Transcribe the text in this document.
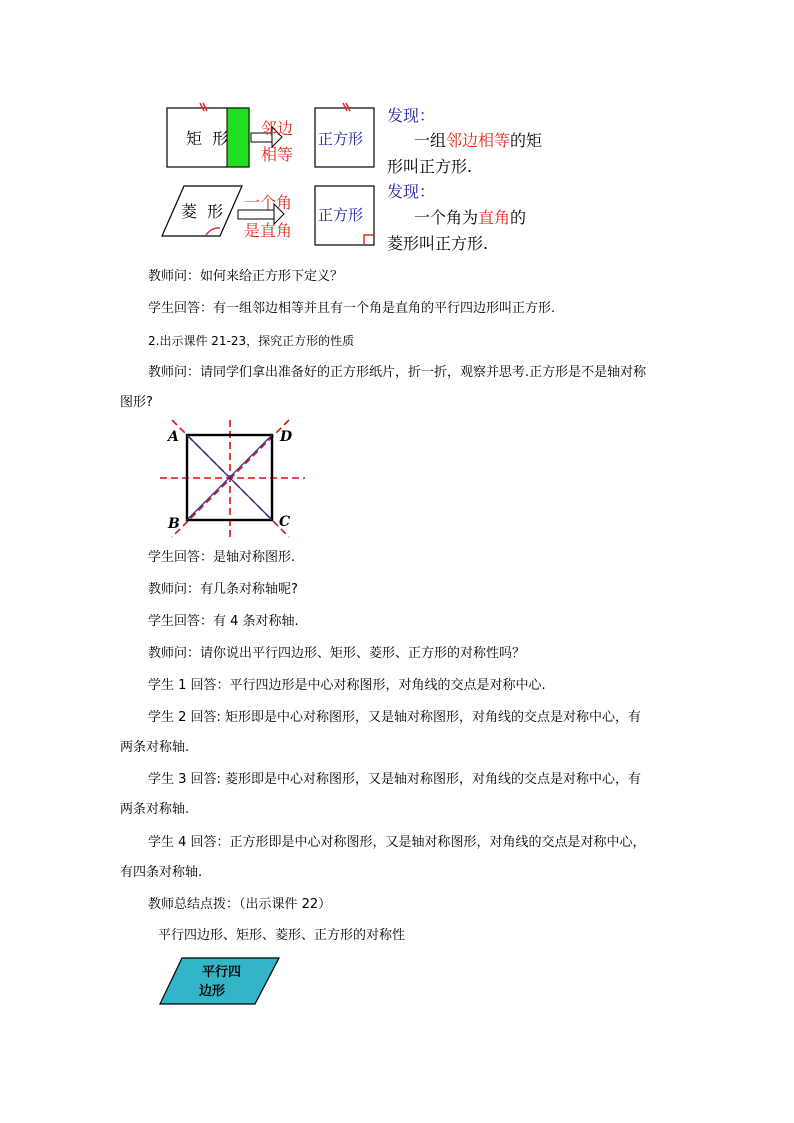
矩  形
邻边
相等
正方形
发现：
一组邻边相等的矩
形叫正方形.
菱  形 一个角
是直角
正方形
发现：
一个角为直角的
菱形叫正方形.
教师问：如何来给正方形下定义？
学生回答：有一组邻边相等并且有一个角是直角的平行四边形叫正方形.
2.出示课件 21-23，探究正方形的性质
教师问：请同学们拿出准备好的正方形纸片，折一折，观察并思考.正方形是不是轴对称
图形?
A	D
B	C
学生回答：是轴对称图形.
教师问：有几条对称轴呢?
学生回答：有 4 条对称轴.
教师问：请你说出平行四边形、矩形、菱形、正方形的对称性吗？
学生 1 回答：平行四边形是中心对称图形，对角线的交点是对称中心.
学生 2 回答: 矩形即是中心对称图形，又是轴对称图形，对角线的交点是对称中心，有
两条对称轴.
学生 3 回答: 菱形即是中心对称图形，又是轴对称图形，对角线的交点是对称中心，有
两条对称轴.
学生 4 回答：正方形即是中心对称图形，又是轴对称图形，对角线的交点是对称中心，
有四条对称轴.
教师总结点拨：（出示课件 22）
平行四边形、矩形、菱形、正方形的对称性
平行四
边形
